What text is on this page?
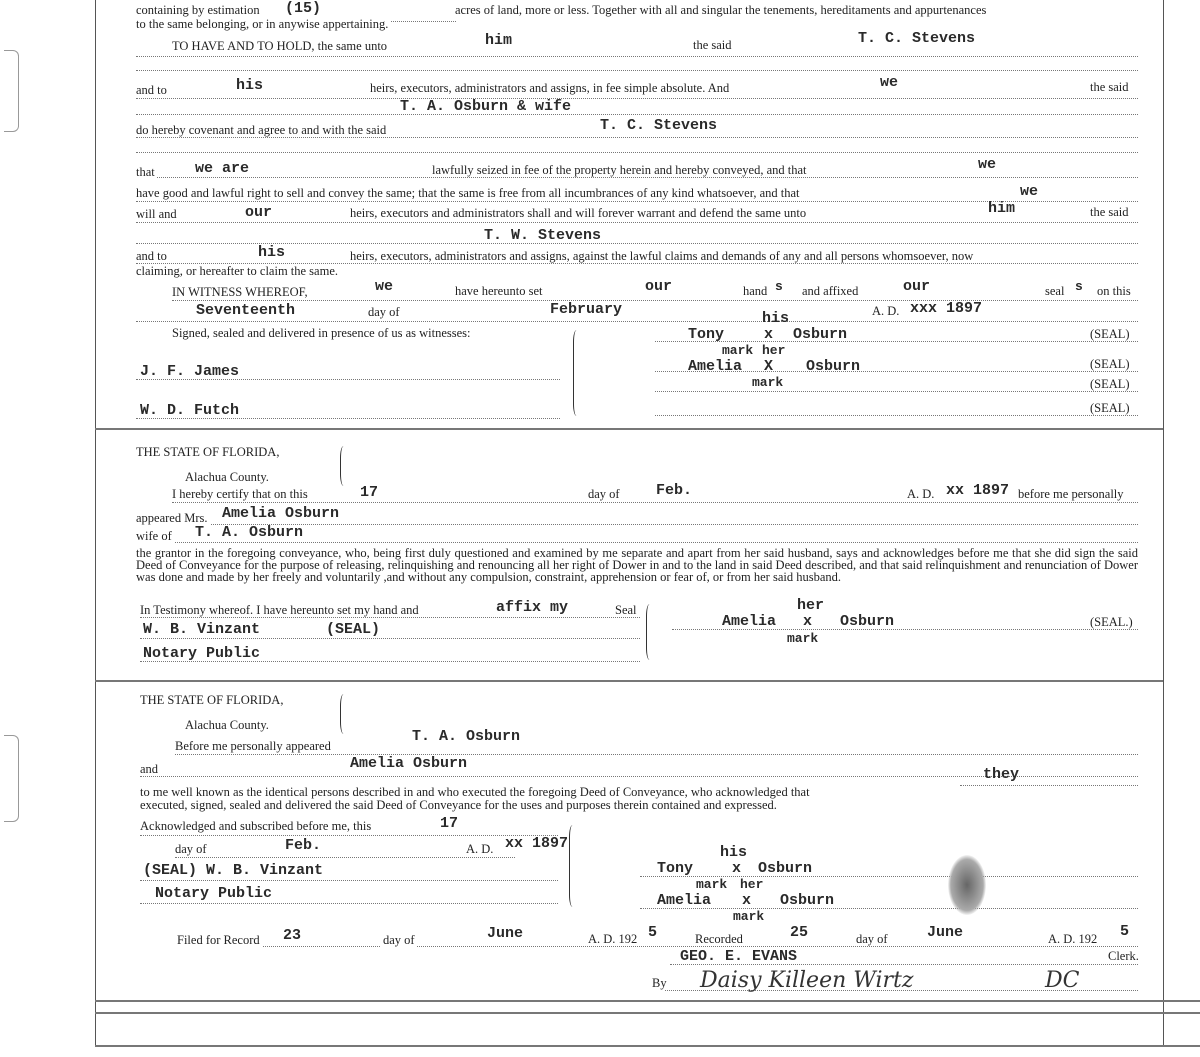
containing by estimation (15)	acres of land, more or less. Together with all and singular the tenements, hereditaments and appurtenances
to the same belonging, or in anywise appertaining.
TO HAVE AND TO HOLD, the same unto	him	the said	T. C. Stevens
and to	his	heirs, executors, administrators and assigns, in fee simple absolute. And	we	the said
T. A. Osburn & wife
do hereby covenant and agree to and with the said	T. C. Stevens
that	we are	lawfully seized in fee of the property herein and hereby conveyed, and that	we
have good and lawful right to sell and convey the same; that the same is free from all incumbrances of any kind whatsoever, and that	we
will and	our	heirs, executors and administrators shall and will forever warrant and defend the same unto	him	the said
T. W. Stevens
and to	his	heirs, executors, administrators and assigns, against the lawful claims and demands of any and all persons whomsoever, now
claiming, or hereafter to claim the same.
IN WITNESS WHEREOF,	we	have hereunto set	our	hand s and affixed	our	seal s on this
Seventeenth	day of	February	A. D. xxx 1897
Signed, sealed and delivered in presence of us as witnesses:
J. F. James
W. D. Futch
his
Tony	x Osburn
mark her
Amelia X Osburn
mark
(SEAL)
(SEAL)
(SEAL)
(SEAL)
THE STATE OF FLORIDA,
Alachua County.
I hereby certify that on this	17	day of Feb.	A. D. xx 1897 before me personally
appeared Mrs. Amelia Osburn
wife of T. A. Osburn
the grantor in the foregoing conveyance, who, being first duly questioned and examined by me separate and apart from her said husband, says and acknowledges before me that she did sign the said Deed of Conveyance for the purpose of releasing, relinquishing and renouncing all her right of Dower in and to the land in said Deed described, and that said relinquishment and renunciation of Dower was done and made by her freely and voluntarily ,and without any compulsion, constraint, apprehension or fear of, or from her said husband.
In Testimony whereof. I have hereunto set my hand and	affix my	Seal
W. B. Vinzant	(SEAL)
Notary Public
her
Amelia x Osburn
mark
(SEAL.)
THE STATE OF FLORIDA,
Alachua County.
Before me personally appeared
T. A. Osburn
and	Amelia Osburn
to me well known as the identical persons described in and who executed the foregoing Deed of Conveyance, who acknowledged that
they
executed, signed, sealed and delivered the said Deed of Conveyance for the uses and purposes therein contained and expressed.
Acknowledged and subscribed before me, this	17
day of	Feb.	A. D. xx 1897
(SEAL) W. B. Vinzant
Notary Public
his
Tony	x Osburn
mark her
Amelia x Osburn
mark
Filed for Record 23	day of	June	A. D. 192 5	Recorded	25	day of	June	A. D. 192 5
GEO. E. EVANS	Clerk.
By Daisy Killeen Wirtz	DC
